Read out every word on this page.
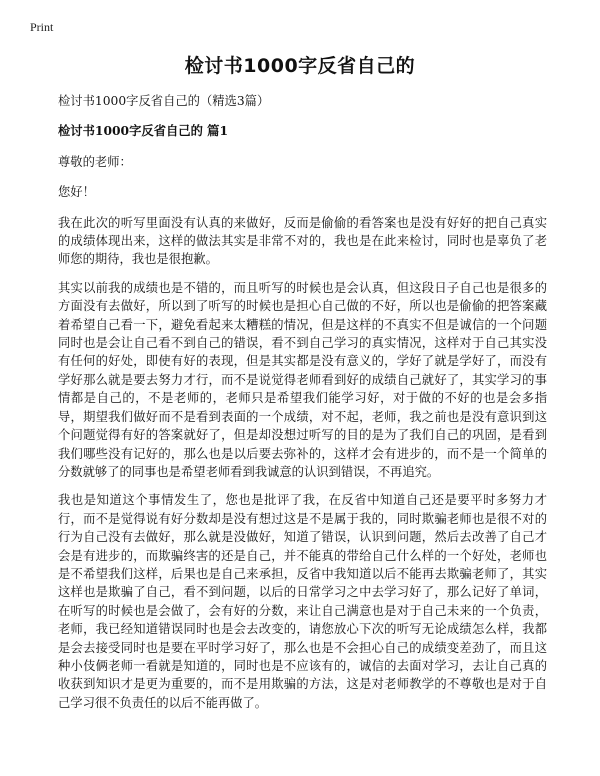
Print
检讨书1000字反省自己的

检讨书1000字反省自己的（精选3篇）

检讨书1000字反省自己的 篇1

尊敬的老师：

您好！

我在此次的听写里面没有认真的来做好，反而是偷偷的看答案也是没有好好的把自己真实的成绩体现出来，这样的做法其实是非常不对的，我也是在此来检讨，同时也是辜负了老师您的期待，我也是很抱歉。

其实以前我的成绩也是不错的，而且听写的时候也是会认真，但这段日子自己也是很多的方面没有去做好，所以到了听写的时候也是担心自己做的不好，所以也是偷偷的把答案藏着希望自己看一下，避免看起来太糟糕的情况，但是这样的不真实不但是诚信的一个问题同时也是会让自己看不到自己的错误，看不到自己学习的真实情况，这样对于自己其实没有任何的好处，即使有好的表现，但是其实都是没有意义的，学好了就是学好了，而没有学好那么就是要去努力才行，而不是说觉得老师看到好的成绩自己就好了，其实学习的事情都是自己的，不是老师的，老师只是希望我们能学习好，对于做的不好的也是会多指导，期望我们做好而不是看到表面的一个成绩，对不起，老师，我之前也是没有意识到这个问题觉得有好的答案就好了，但是却没想过听写的目的是为了我们自己的巩固，是看到我们哪些没有记好的，那么也是以后要去弥补的，这样才会有进步的，而不是一个简单的分数就够了的同事也是希望老师看到我诚意的认识到错误，不再追究。

我也是知道这个事情发生了，您也是批评了我，在反省中知道自己还是要平时多努力才行，而不是觉得说有好分数却是没有想过这是不是属于我的，同时欺骗老师也是很不对的行为自己没有去做好，那么就是没做好，知道了错误，认识到问题，然后去改善了自己才会是有进步的，而欺骗终害的还是自己，并不能真的带给自己什么样的一个好处，老师也是不希望我们这样，后果也是自己来承担，反省中我知道以后不能再去欺骗老师了，其实这样也是欺骗了自己，看不到问题，以后的日常学习之中去学习好了，那么记好了单词，在听写的时候也是会做了，会有好的分数，来让自己满意也是对于自己未来的一个负责，老师，我已经知道错误同时也是会去改变的，请您放心下次的听写无论成绩怎么样，我都是会去接受同时也是要在平时学习好了，那么也是不会担心自己的成绩变差劲了，而且这种小伎俩老师一看就是知道的，同时也是不应该有的，诚信的去面对学习，去让自己真的收获到知识才是更为重要的，而不是用欺骗的方法，这是对老师教学的不尊敬也是对于自己学习很不负责任的以后不能再做了。
